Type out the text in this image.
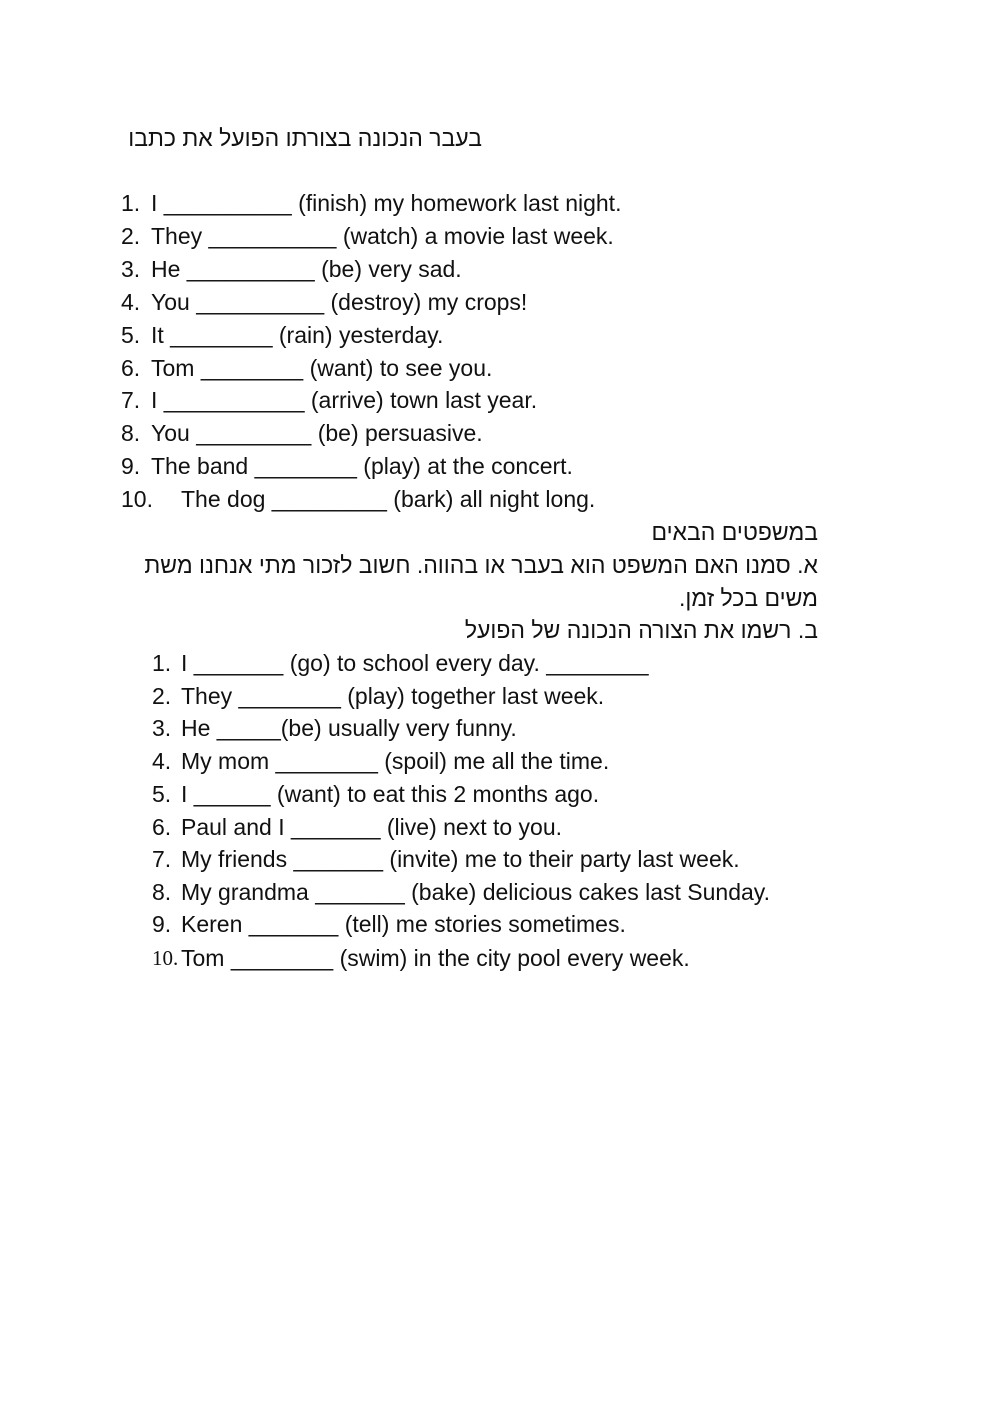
בעבר הנכונה בצורתו הפועל את כתבו
1. I __________ (finish) my homework last night.
2. They __________ (watch) a movie last week.
3. He __________ (be) very sad.
4. You __________ (destroy) my crops!
5. It ________ (rain) yesterday.
6. Tom ________ (want) to see you.
7. I ___________ (arrive) town last year.
8. You _________ (be) persuasive.
9. The band ________ (play) at the concert.
10. The dog _________ (bark) all night long.
במשפטים הבאים
א. סמנו האם המשפט הוא בעבר או בהווה. חשוב לזכור מתי אנחנו משת
משים בכל זמן.
ב. רשמו את הצורה הנכונה של הפועל
1. I _______ (go) to school every day. ________
2. They ________ (play) together last week.
3. He _____(be) usually very funny.
4. My mom ________ (spoil) me all the time.
5. I ______ (want) to eat this 2 months ago.
6. Paul and I _______ (live) next to you.
7. My friends _______ (invite) me to their party last week.
8. My grandma _______ (bake) delicious cakes last Sunday.
9. Keren _______ (tell) me stories sometimes.
10. Tom ________ (swim) in the city pool every week.
